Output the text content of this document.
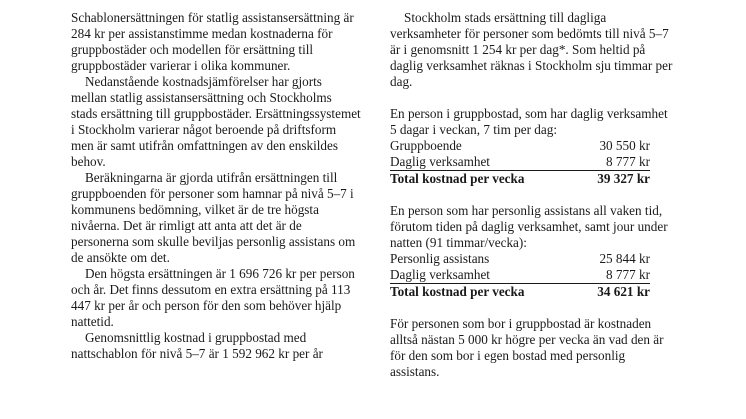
Schablonersättningen för statlig assistansersättning är 284 kr per assistanstimme medan kostnaderna för gruppbostäder och modellen för ersättning till gruppbostäder varierar i olika kommuner.

Nedanstående kostnadsjämförelser har gjorts mellan statlig assistansersättning och Stockholms stads ersättning till gruppbostäder. Ersättningssystemet i Stockholm varierar något beroende på driftsform men är samt utifrån omfattningen av den enskildes behov.

Beräkningarna är gjorda utifrån ersättningen till gruppboenden för personer som hamnar på nivå 5–7 i kommunens bedömning, vilket är de tre högsta nivåerna. Det är rimligt att anta att det är de personerna som skulle beviljas personlig assistans om de ansökte om det.

Den högsta ersättningen är 1 696 726 kr per person och år. Det finns dessutom en extra ersättning på 113 447 kr per år och person för den som behöver hjälp nattetid.

Genomsnittlig kostnad i gruppbostad med nattschablon för nivå 5–7 är 1 592 962 kr per år

Stockholm stads ersättning till dagliga verksamheter för personer som bedömts till nivå 5–7 är i genomsnitt 1 254 kr per dag*. Som heltid på daglig verksamhet räknas i Stockholm sju timmar per dag.

En person i gruppbostad, som har daglig verksamhet 5 dagar i veckan, 7 tim per dag:

Gruppboende	30 550 kr
Daglig verksamhet	8 777 kr
Total kostnad per vecka	39 327 kr

En person som har personlig assistans all vaken tid, förutom tiden på daglig verksamhet, samt jour under natten (91 timmar/vecka):

Personlig assistans	25 844 kr
Daglig verksamhet	8 777 kr
Total kostnad per vecka	34 621 kr

För personen som bor i gruppbostad är kostnaden alltså nästan 5 000 kr högre per vecka än vad den är för den som bor i egen bostad med personlig assistans.
